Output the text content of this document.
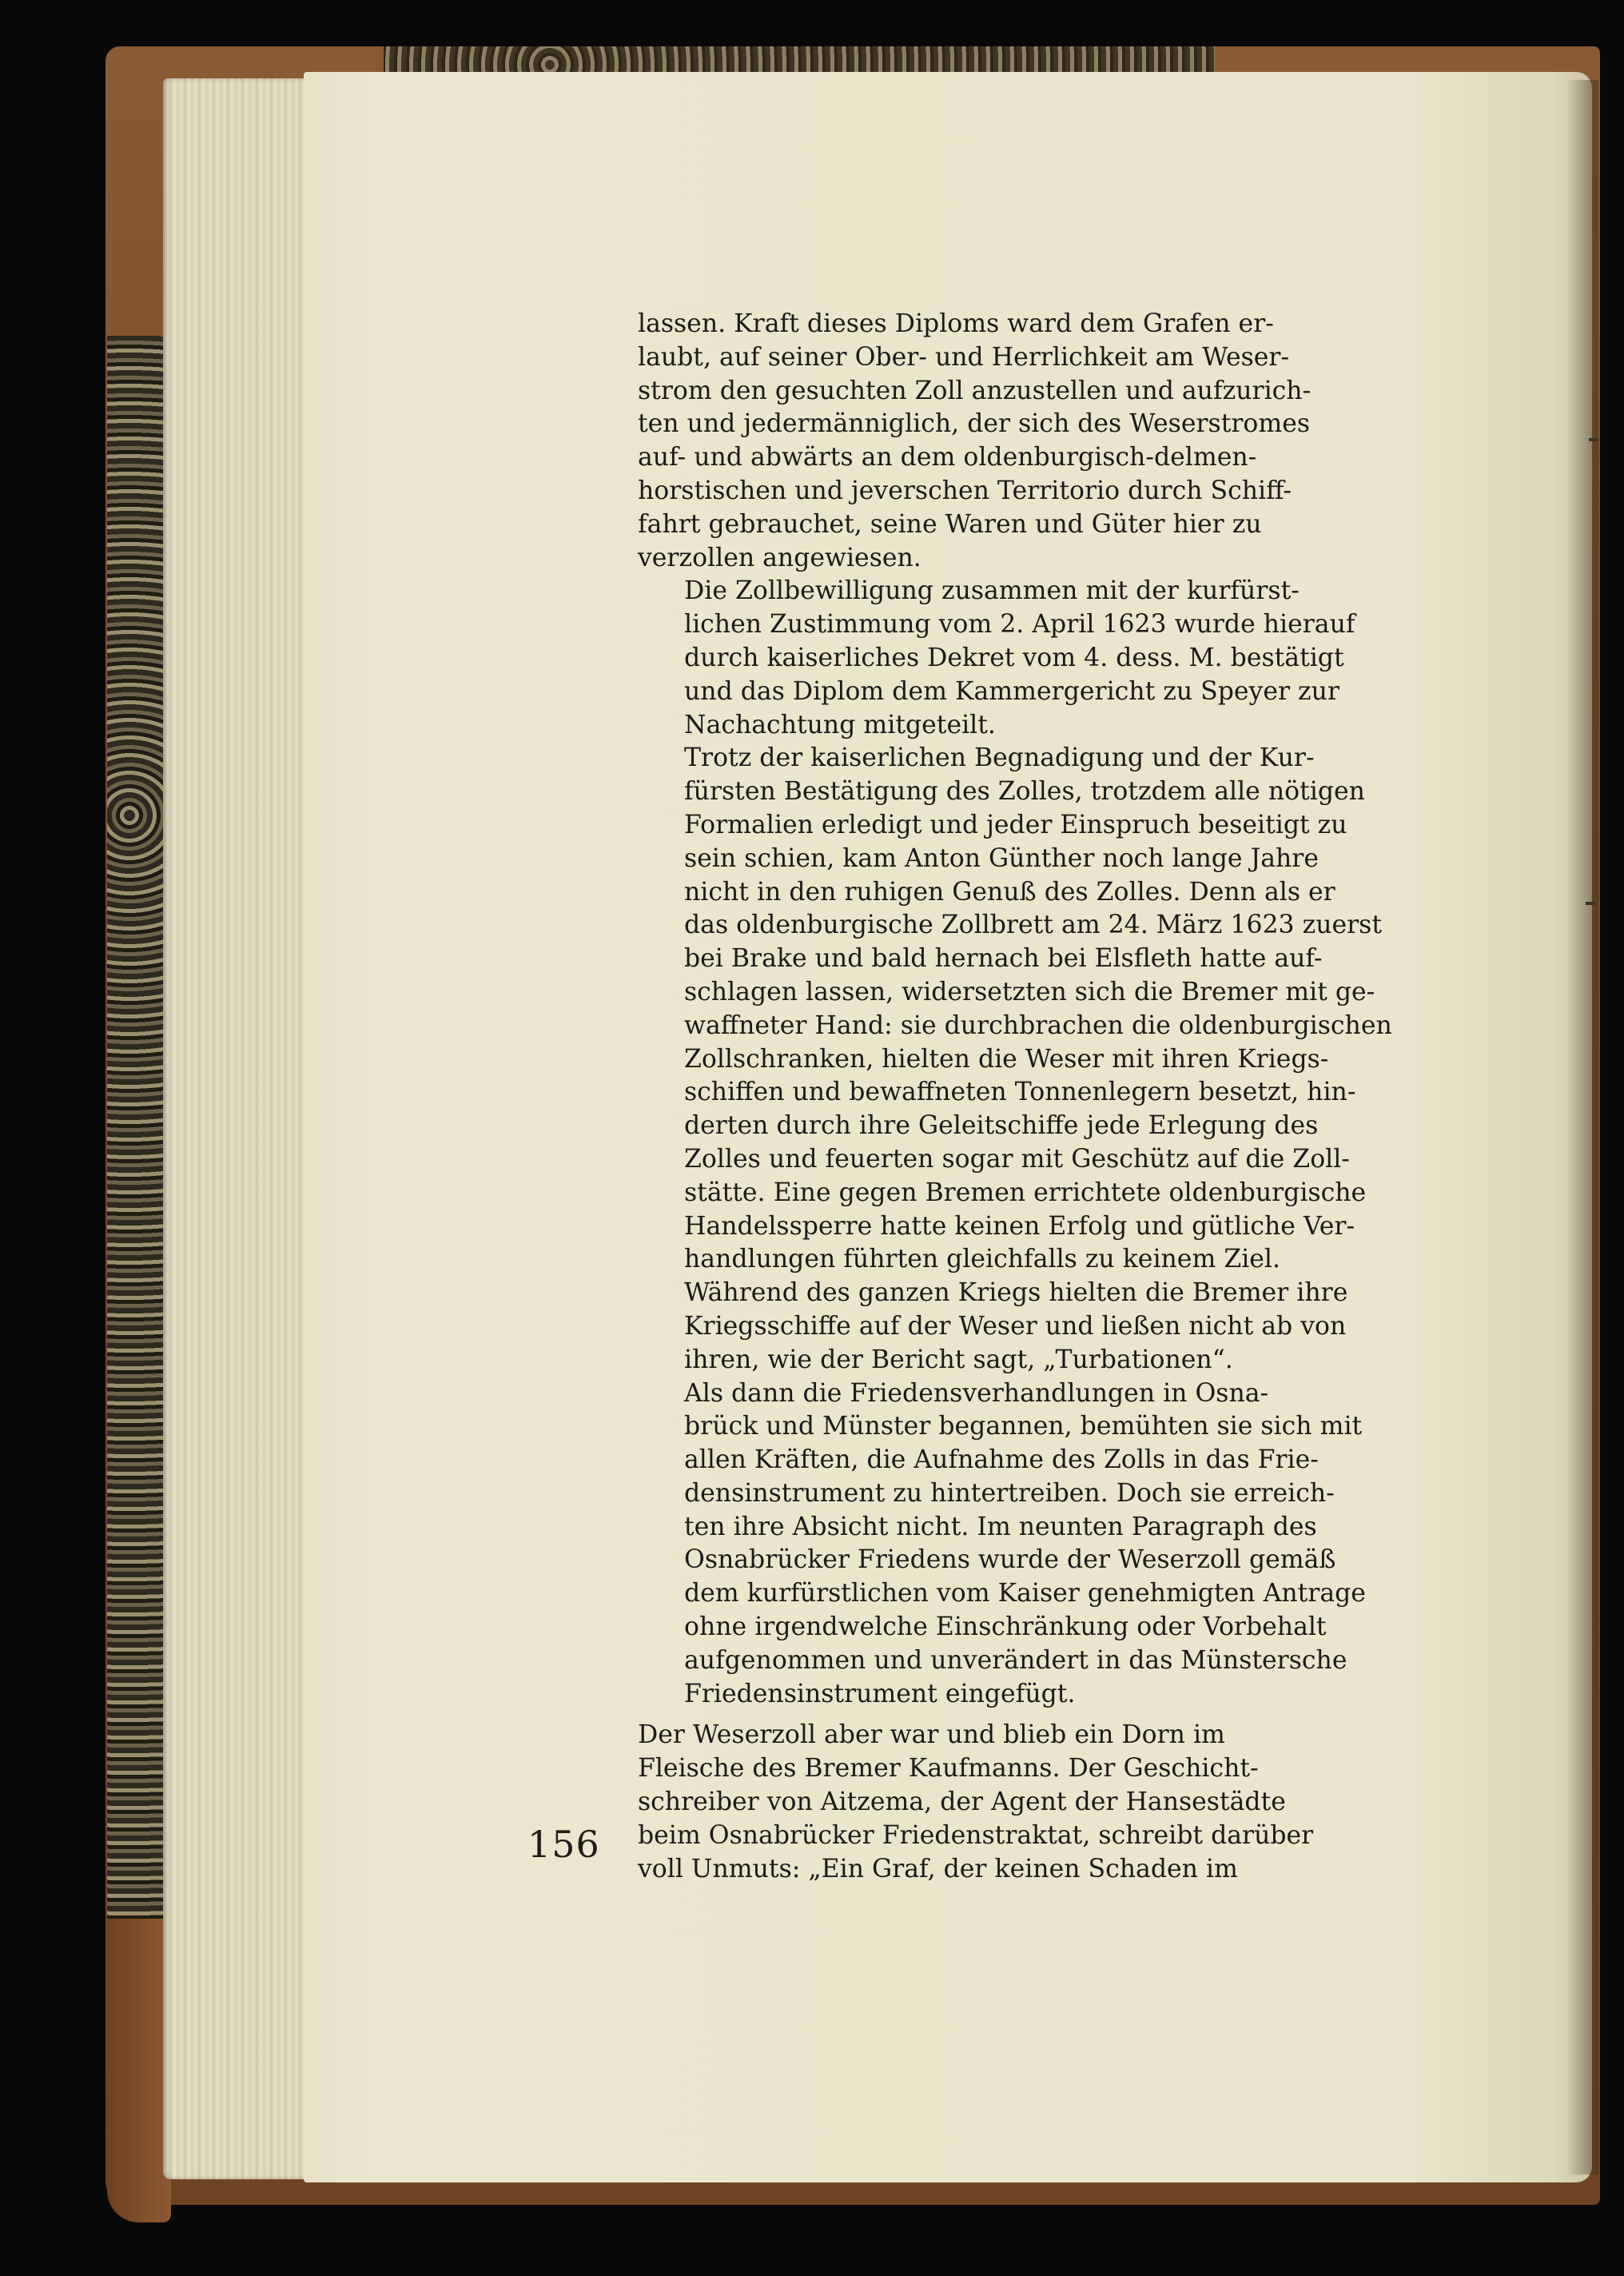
lassen. Kraft dieses Diploms ward dem Grafen er-
laubt, auf seiner Ober- und Herrlichkeit am Weser-
strom den gesuchten Zoll anzustellen und aufzurich-
ten und jedermänniglich, der sich des Weserstromes
auf- und abwärts an dem oldenburgisch-delmen-
horstischen und jeverschen Territorio durch Schiff-
fahrt gebrauchet, seine Waren und Güter hier zu
verzollen angewiesen.

Die Zollbewilligung zusammen mit der kurfürst-
lichen Zustimmung vom 2. April 1623 wurde hierauf
durch kaiserliches Dekret vom 4. dess. M. bestätigt
und das Diplom dem Kammergericht zu Speyer zur
Nachachtung mitgeteilt.

Trotz der kaiserlichen Begnadigung und der Kur-
fürsten Bestätigung des Zolles, trotzdem alle nötigen
Formalien erledigt und jeder Einspruch beseitigt zu
sein schien, kam Anton Günther noch lange Jahre
nicht in den ruhigen Genuß des Zolles. Denn als er
das oldenburgische Zollbrett am 24. März 1623 zuerst
bei Brake und bald hernach bei Elsfleth hatte auf-
schlagen lassen, widersetzten sich die Bremer mit ge-
waffneter Hand: sie durchbrachen die oldenburgischen
Zollschranken, hielten die Weser mit ihren Kriegs-
schiffen und bewaffneten Tonnenlegern besetzt, hin-
derten durch ihre Geleitschiffe jede Erlegung des
Zolles und feuerten sogar mit Geschütz auf die Zoll-
stätte. Eine gegen Bremen errichtete oldenburgische
Handelssperre hatte keinen Erfolg und gütliche Ver-
handlungen führten gleichfalls zu keinem Ziel.
Während des ganzen Kriegs hielten die Bremer ihre
Kriegsschiffe auf der Weser und ließen nicht ab von
ihren, wie der Bericht sagt, „Turbationen“.

Als dann die Friedensverhandlungen in Osna-
brück und Münster begannen, bemühten sie sich mit
allen Kräften, die Aufnahme des Zolls in das Frie-
densinstrument zu hintertreiben. Doch sie erreich-
ten ihre Absicht nicht. Im neunten Paragraph des
Osnabrücker Friedens wurde der Weserzoll gemäß
dem kurfürstlichen vom Kaiser genehmigten Antrage
ohne irgendwelche Einschränkung oder Vorbehalt
aufgenommen und unverändert in das Münstersche
Friedensinstrument eingefügt.

Der Weserzoll aber war und blieb ein Dorn im
Fleische des Bremer Kaufmanns. Der Geschicht-
schreiber von Aitzema, der Agent der Hansestädte
beim Osnabrücker Friedenstraktat, schreibt darüber
voll Unmuts: „Ein Graf, der keinen Schaden im

156
